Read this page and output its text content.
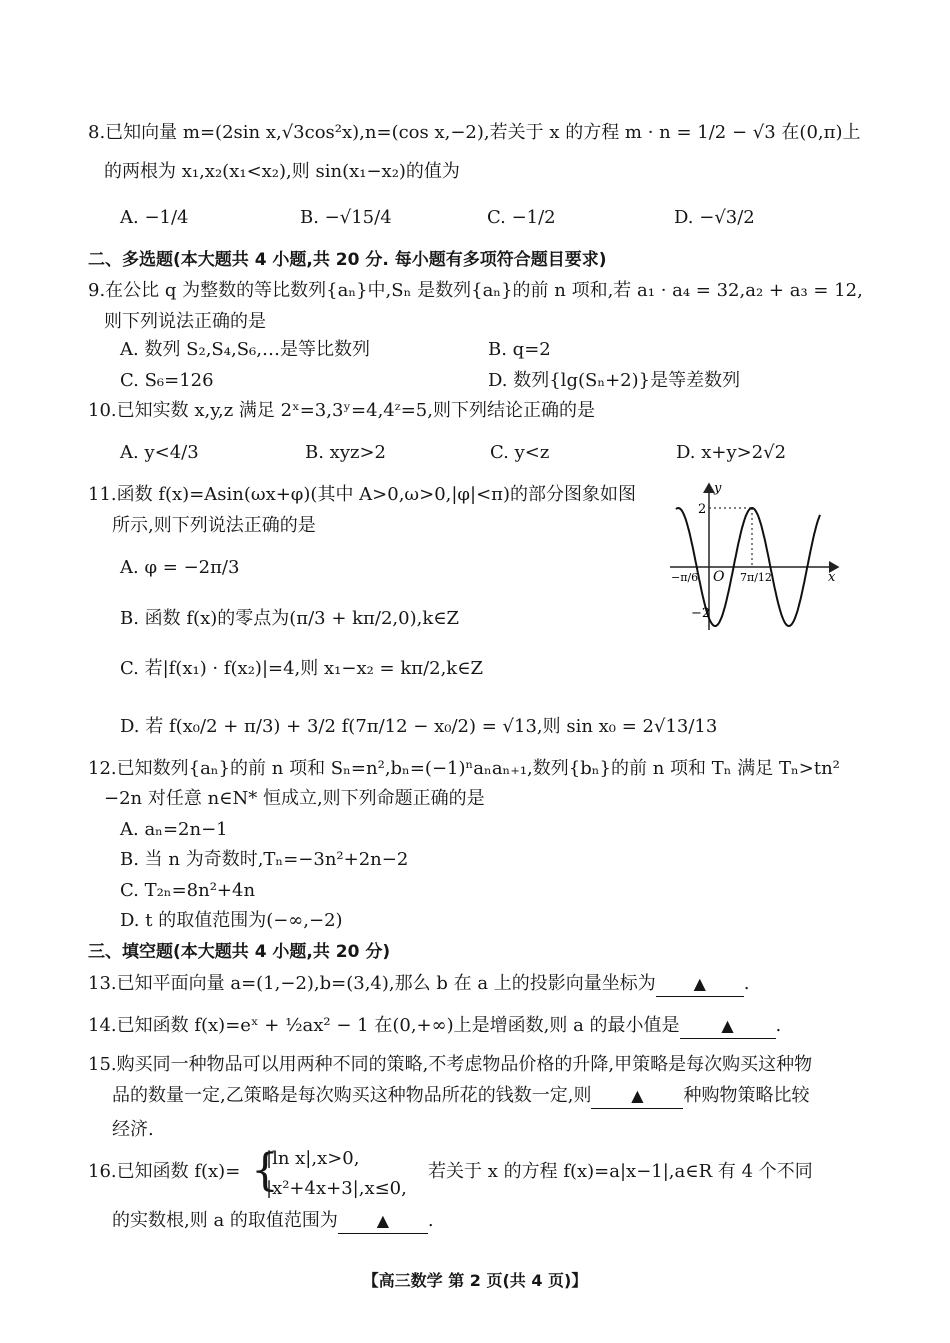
8.已知向量 m=(2sin x,√3cos²x),n=(cos x,−2),若关于 x 的方程 m · n = 1/2 − √3 在(0,π)上
的两根为 x₁,x₂(x₁<x₂),则 sin(x₁−x₂)的值为
A. −1/4	B. −√15/4	C. −1/2	D. −√3/2
二、多选题(本大题共 4 小题,共 20 分. 每小题有多项符合题目要求)
9.在公比 q 为整数的等比数列{aₙ}中,Sₙ 是数列{aₙ}的前 n 项和,若 a₁ · a₄ = 32,a₂ + a₃ = 12,
则下列说法正确的是
A. 数列 S₂,S₄,S₆,…是等比数列	B. q=2
C. S₆=126	D. 数列{lg(Sₙ+2)}是等差数列
10.已知实数 x,y,z 满足 2ˣ=3,3ʸ=4,4ᶻ=5,则下列结论正确的是
A. y<4/3	B. xyz>2	C. y<z	D. x+y>2√2
11.函数 f(x)=Asin(ωx+φ)(其中 A>0,ω>0,|φ|<π)的部分图象如图
所示,则下列说法正确的是
A. φ = −2π/3
B. 函数 f(x)的零点为(π/3 + kπ/2,0),k∈Z
C. 若|f(x₁) · f(x₂)|=4,则 x₁−x₂ = kπ/2,k∈Z
D. 若 f(x₀/2 + π/3) + 3/2 f(7π/12 − x₀/2) = √13,则 sin x₀ = 2√13/13
y
x
O
2
−2
−π/6	7π/12
12.已知数列{aₙ}的前 n 项和 Sₙ=n²,bₙ=(−1)ⁿaₙaₙ₊₁,数列{bₙ}的前 n 项和 Tₙ 满足 Tₙ>tn²
−2n 对任意 n∈N* 恒成立,则下列命题正确的是
A. aₙ=2n−1
B. 当 n 为奇数时,Tₙ=−3n²+2n−2
C. T₂ₙ=8n²+4n
D. t 的取值范围为(−∞,−2)
三、填空题(本大题共 4 小题,共 20 分)
13.已知平面向量 a=(1,−2),b=(3,4),那么 b 在 a 上的投影向量坐标为 ▲ .
14.已知函数 f(x)=eˣ + ½ax² − 1 在(0,+∞)上是增函数,则 a 的最小值是	▲ .
15.购买同一种物品可以用两种不同的策略,不考虑物品价格的升降,甲策略是每次购买这种物
品的数量一定,乙策略是每次购买这种物品所花的钱数一定,则 ▲ 种购物策略比较
经济.
16.已知函数 f(x)= {
|ln x|,x>0,
|x²+4x+3|,x≤0,
若关于 x 的方程 f(x)=a|x−1|,a∈R 有 4 个不同
的实数根,则 a 的取值范围为 ▲ .
【高三数学 第 2 页(共 4 页)】
